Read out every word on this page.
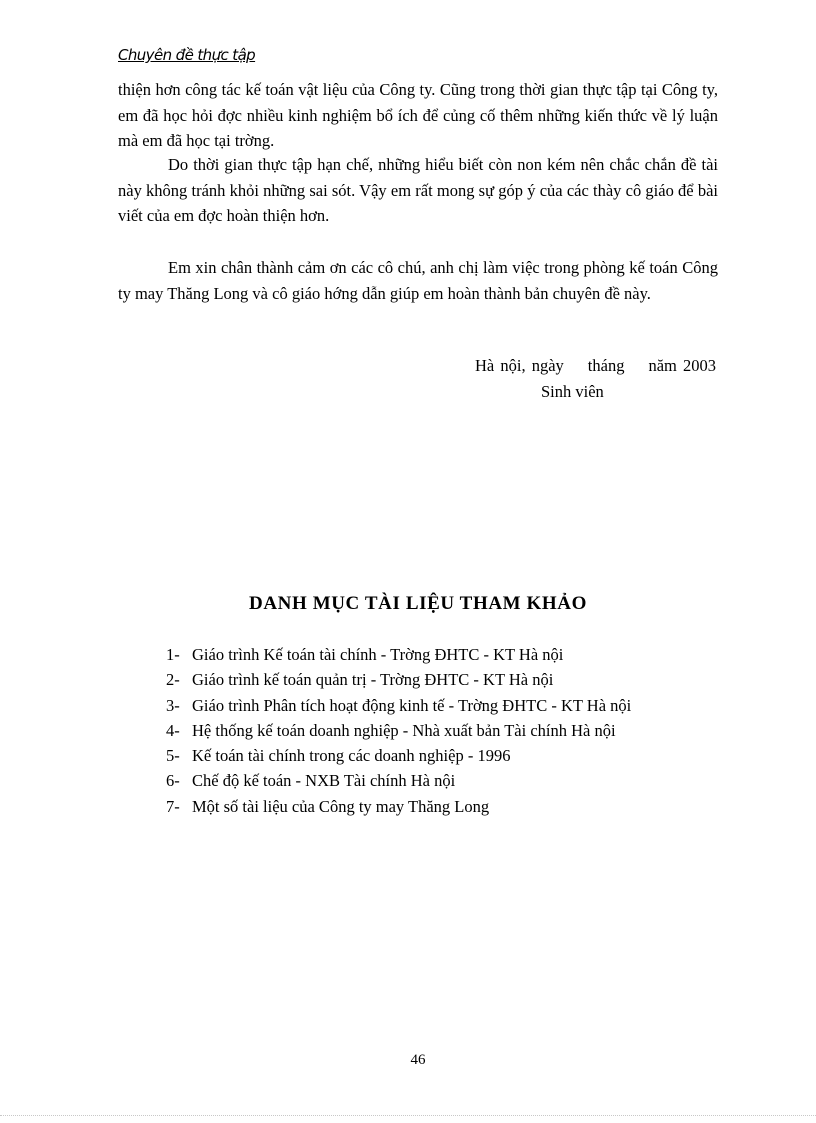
Chuyên đề thực tập

thiện hơn công tác kế toán vật liệu của Công ty. Cũng trong thời gian thực tập tại Công ty, em đã học hỏi đợc nhiều kinh nghiệm bổ ích để củng cố thêm những kiến thức về lý luận mà em đã học tại trờng.

Do thời gian thực tập hạn chế, những hiểu biết còn non kém nên chắc chắn đề tài này không tránh khỏi những sai sót. Vậy em rất mong sự góp ý của các thày cô giáo để bài viết của em đợc hoàn thiện hơn.

Em xin chân thành cảm ơn các cô chú, anh chị làm việc trong phòng kế toán Công ty may Thăng Long và cô giáo hớng dẫn giúp em hoàn thành bản chuyên đề này.

Hà nội, ngày tháng năm 2003
Sinh viên
DANH MỤC TÀI LIỆU THAM KHẢO
1- Giáo trình Kế toán tài chính - Trờng ĐHTC - KT Hà nội
2- Giáo trình kế toán quản trị - Trờng ĐHTC - KT Hà nội
3- Giáo trình Phân tích hoạt động kinh tế - Trờng ĐHTC - KT Hà nội
4- Hệ thống kế toán doanh nghiệp - Nhà xuất bản Tài chính Hà nội
5- Kế toán tài chính trong các doanh nghiệp - 1996
6- Chế độ kế toán - NXB Tài chính Hà nội
7- Một số tài liệu của Công ty may Thăng Long
46
